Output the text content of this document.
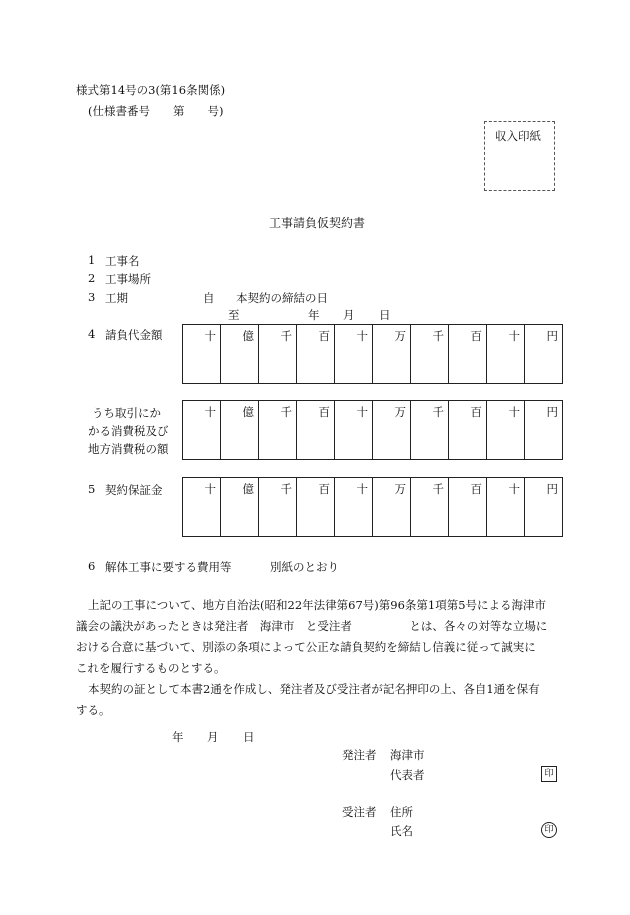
様式第14号の3(第16条関係)
(仕様書番号　　第　　号)
収入印紙
工事請負仮契約書
1 工事名
2 工事場所
3 工期	自 本契約の締結の日
至	年 月 日
4 請負代金額	十	億	千	百	十	万	千	百	十	円
うち取引にか
かる消費税及び
地方消費税の額
十	億	千	百	十	万	千	百	十	円
5 契約保証金	十	億	千	百	十	万	千	百	十	円
6 解体工事に要する費用等	別紙のとおり
上記の工事について、地方自治法(昭和22年法律第67号)第96条第1項第5号による海津市
議会の議決があったときは発注者　海津市　と受注者　　　　　とは、各々の対等な立場に
おける合意に基づいて、別添の条項によって公正な請負契約を締結し信義に従って誠実に
これを履行するものとする。
本契約の証として本書2通を作成し、発注者及び受注者が記名押印の上、各自1通を保有
する。
年 月 日
発注者 海津市
代表者	印
受注者 住所
氏名	印
